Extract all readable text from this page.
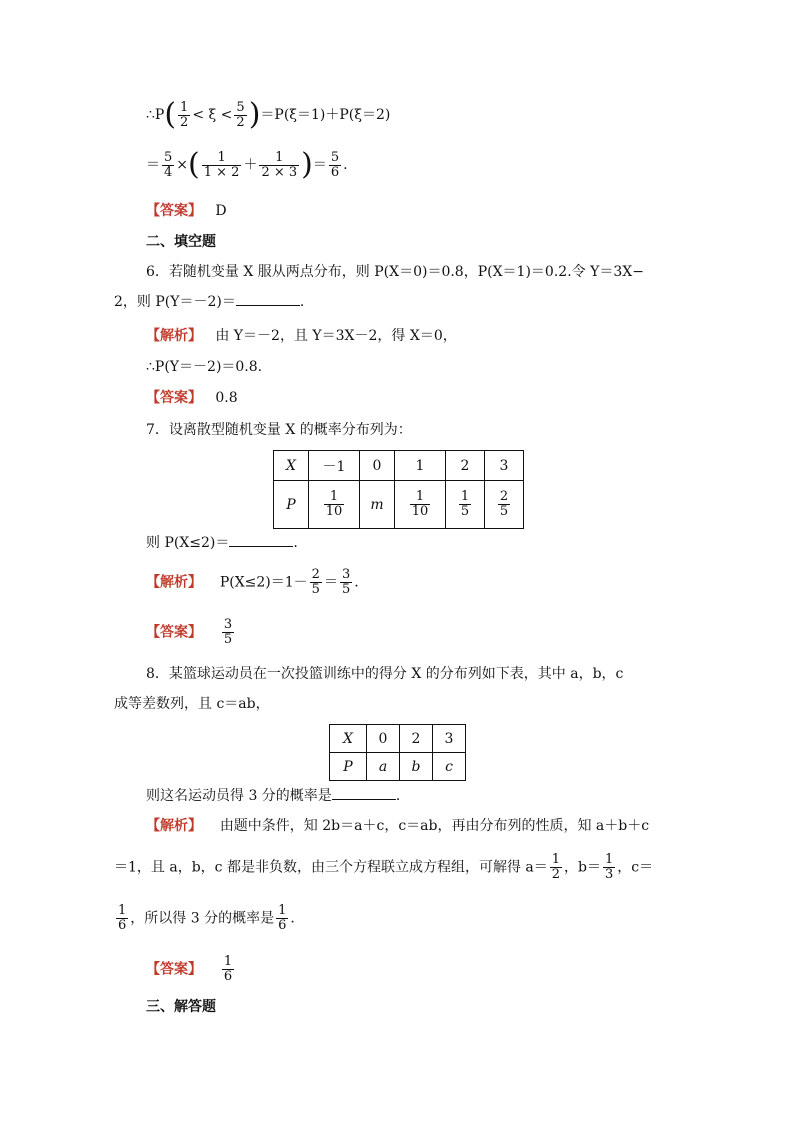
∴P( $\frac{1}{2} < \xi < \frac{5}{2} )=P(\xi=1)+P(\xi=2)$
＝ $\frac{5}{4}$ ×( $\frac{1}{1 \times 2} + \frac{1}{2 \times 3}$ )＝ $\frac{5}{6}$ .
【答案】 D
二、填空题
6．若随机变量 X 服从两点分布，则 P(X＝0)＝0.8，P(X＝1)＝0.2.令 Y＝3X−
2，则 P(Y＝－2)＝	.
【解析】 由 Y＝－2，且 Y＝3X－2，得 X＝0，
∴P(Y＝－2)＝0.8.
【答案】 0.8
7．设离散型随机变量 X 的概率分布列为：
X	－1	0	1	2	3
P	$\frac{1}{10}$	m	$\frac{1}{10}$	$\frac{1}{5}$	$\frac{2}{5}$
则 P(X≤2)＝	.
【解析】 $P(X\le 2)=1- \frac{2}{5} = \frac{3}{5}$ .
【答案】 $\frac{3}{5}$
8．某篮球运动员在一次投篮训练中的得分 X 的分布列如下表，其中 a，b，c
成等差数列，且 c＝ab，
X	0	2	3
P	a	b	c
则这名运动员得 3 分的概率是	.
【解析】 由题中条件，知 2b＝a＋c，c＝ab，再由分布列的性质，知 a＋b＋c
＝1，且 a，b，c 都是非负数，由三个方程联立成方程组，可解得 $a= \frac{1}{2}$ ，$b= \frac{1}{3}$ ，c＝
$\frac{1}{6}$ ，所以得 3 分的概率是 $\frac{1}{6}$ .
【答案】 $\frac{1}{6}$
三、解答题
